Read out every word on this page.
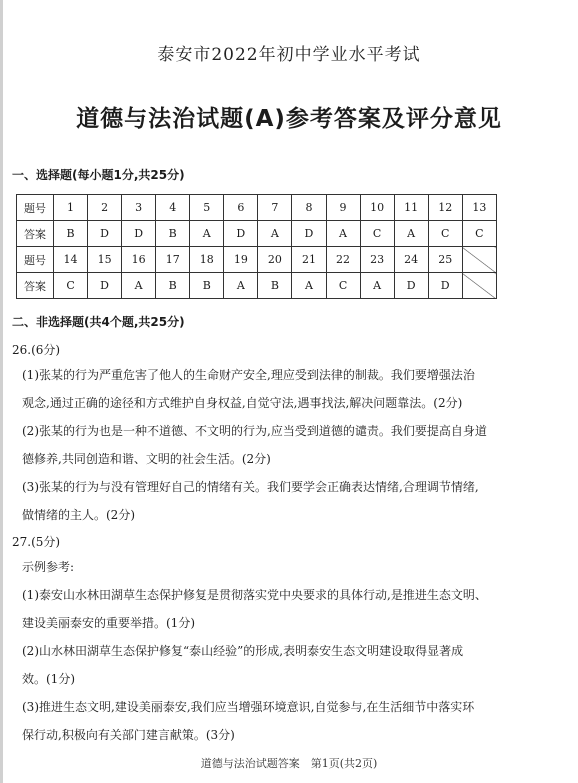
泰安市2022年初中学业水平考试
道德与法治试题(A)参考答案及评分意见
一、选择题(每小题1分,共25分)
题号	1	2	3	4	5	6	7	8	9	10	11	12	13
答案	B	D	D	B	A	D	A	D	A	C	A	C	C
题号	14	15	16	17	18	19	20	21	22	23	24	25	
答案	C	D	A	B	B	A	B	A	C	A	D	D	
二、非选择题(共4个题,共25分)
26.(6分)
(1)张某的行为严重危害了他人的生命财产安全,理应受到法律的制裁。我们要增强法治
观念,通过正确的途径和方式维护自身权益,自觉守法,遇事找法,解决问题靠法。(2分)
(2)张某的行为也是一种不道德、不文明的行为,应当受到道德的谴责。我们要提高自身道
德修养,共同创造和谐、文明的社会生活。(2分)
(3)张某的行为与没有管理好自己的情绪有关。我们要学会正确表达情绪,合理调节情绪,
做情绪的主人。(2分)
27.(5分)
示例参考:
(1)泰安山水林田湖草生态保护修复是贯彻落实党中央要求的具体行动,是推进生态文明、
建设美丽泰安的重要举措。(1分)
(2)山水林田湖草生态保护修复“泰山经验”的形成,表明泰安生态文明建设取得显著成
效。(1分)
(3)推进生态文明,建设美丽泰安,我们应当增强环境意识,自觉参与,在生活细节中落实环
保行动,积极向有关部门建言献策。(3分)
道德与法治试题答案　第1页(共2页)
